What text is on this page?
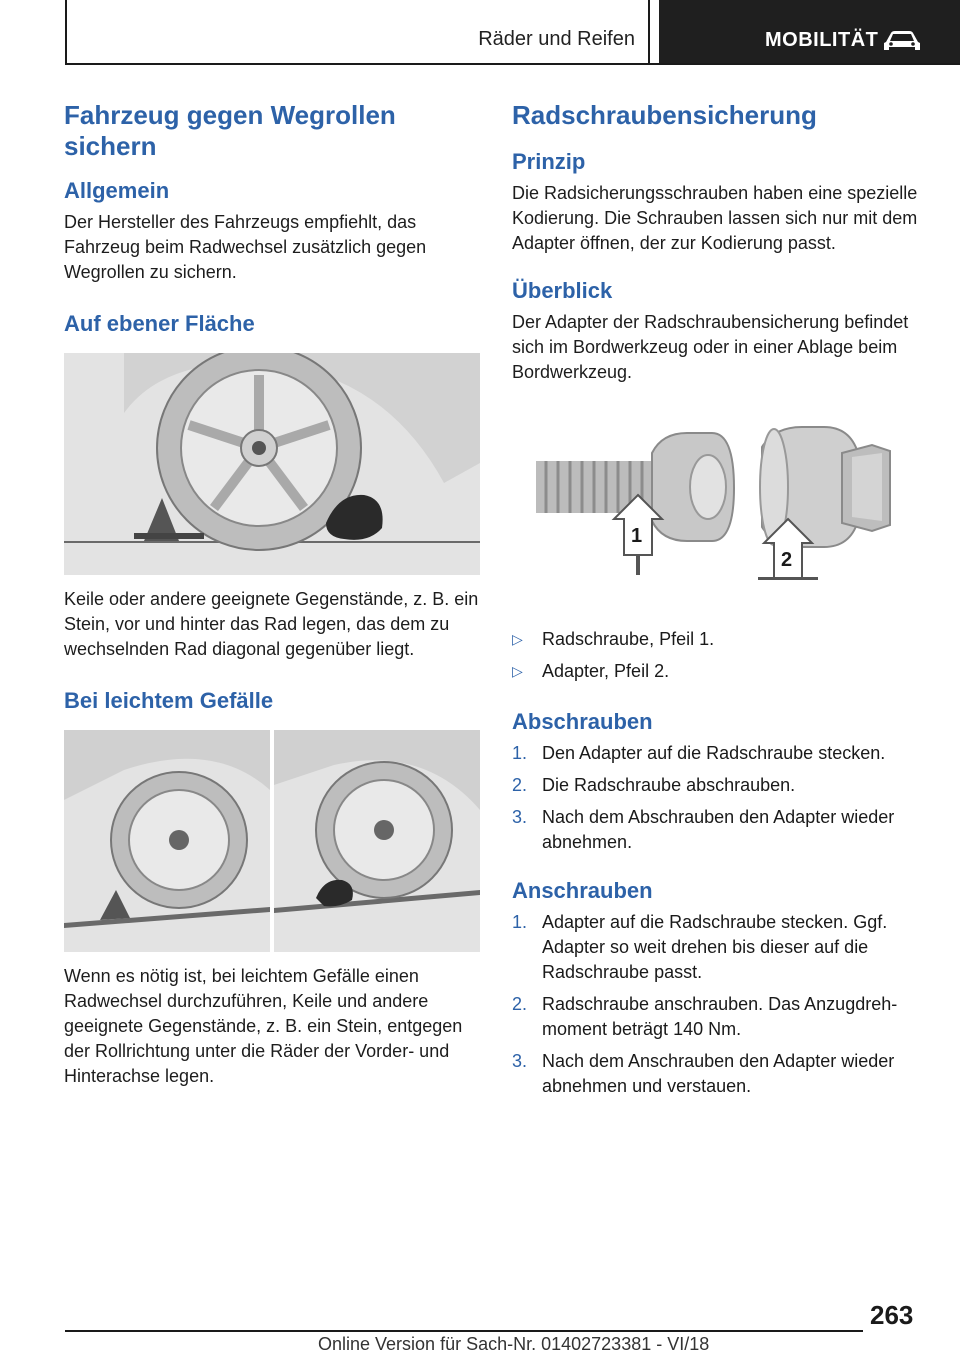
Räder und Reifen	MOBILITÄT
Fahrzeug gegen Wegrollen sichern
Allgemein

Der Hersteller des Fahrzeugs empfiehlt, das Fahrzeug beim Radwechsel zusätzlich gegen Wegrollen zu sichern.

Auf ebener Fläche

Keile oder andere geeignete Gegenstände, z. B. ein Stein, vor und hinter das Rad legen, das dem zu wechselnden Rad diagonal gegenüber liegt.

Bei leichtem Gefälle

Wenn es nötig ist, bei leichtem Gefälle einen Radwechsel durchzuführen, Keile und andere geeignete Gegenstände, z. B. ein Stein, entgegen der Rollrichtung unter die Räder der Vorder- und Hinterachse legen.

Radschraubensicherung
Prinzip

Die Radsicherungsschrauben haben eine spezielle Kodierung. Die Schrauben lassen sich nur mit dem Adapter öffnen, der zur Kodierung passt.

Überblick

Der Adapter der Radschraubensicherung befindet sich im Bordwerkzeug oder in einer Ablage beim Bordwerkzeug.

1
2
▷ Radschraube, Pfeil 1.
▷ Adapter, Pfeil 2.
Abschrauben
1. Den Adapter auf die Radschraube stecken.
2. Die Radschraube abschrauben.
3. Nach dem Abschrauben den Adapter wieder abnehmen.
Anschrauben
1. Adapter auf die Radschraube stecken. Ggf. Adapter so weit drehen bis dieser auf die Radschraube passt.
2. Radschraube anschrauben. Das Anzugdrehmoment beträgt 140 Nm.
3. Nach dem Anschrauben den Adapter wieder abnehmen und verstauen.
263
Online Version für Sach-Nr. 01402723381 - VI/18
